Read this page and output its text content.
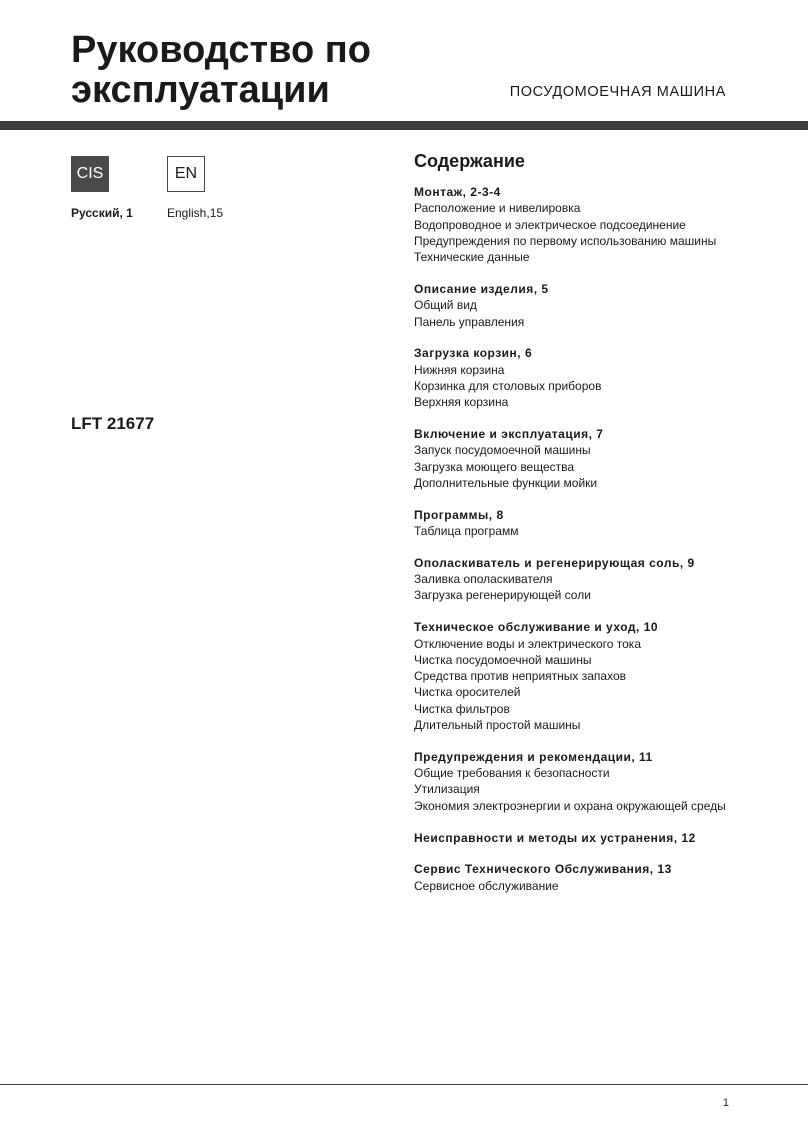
Руководство по
эксплуатации	ПОСУДОМОЕЧНАЯ МАШИНА
CIS	EN
Русский, 1	English,15
LFT 21677
Содержание
Монтаж, 2-3-4
Расположение и нивелировка
Водопроводное и электрическое подсоединение
Предупреждения по первому использованию машины
Технические данные
Описание изделия, 5
Общий вид
Панель управления
Загрузка корзин, 6
Нижняя корзина
Корзинка для столовых приборов
Верхняя корзина
Включение и эксплуатация, 7
Запуск посудомоечной машины
Загрузка моющего вещества
Дополнительные функции мойки
Программы, 8
Таблица программ
Ополаскиватель и регенерирующая соль, 9
Заливка ополаскивателя
Загрузка регенерирующей соли
Техническое обслуживание и уход, 10
Отключение воды и электрического тока
Чистка посудомоечной машины
Средства против неприятных запахов
Чистка оросителей
Чистка фильтров
Длительный простой машины
Предупреждения и рекомендации, 11
Общие требования к безопасности
Утилизация
Экономия электроэнергии и охрана окружающей среды
Неисправности и методы их устранения, 12
Сервис Технического Обслуживания, 13
Сервисное обслуживание
1
